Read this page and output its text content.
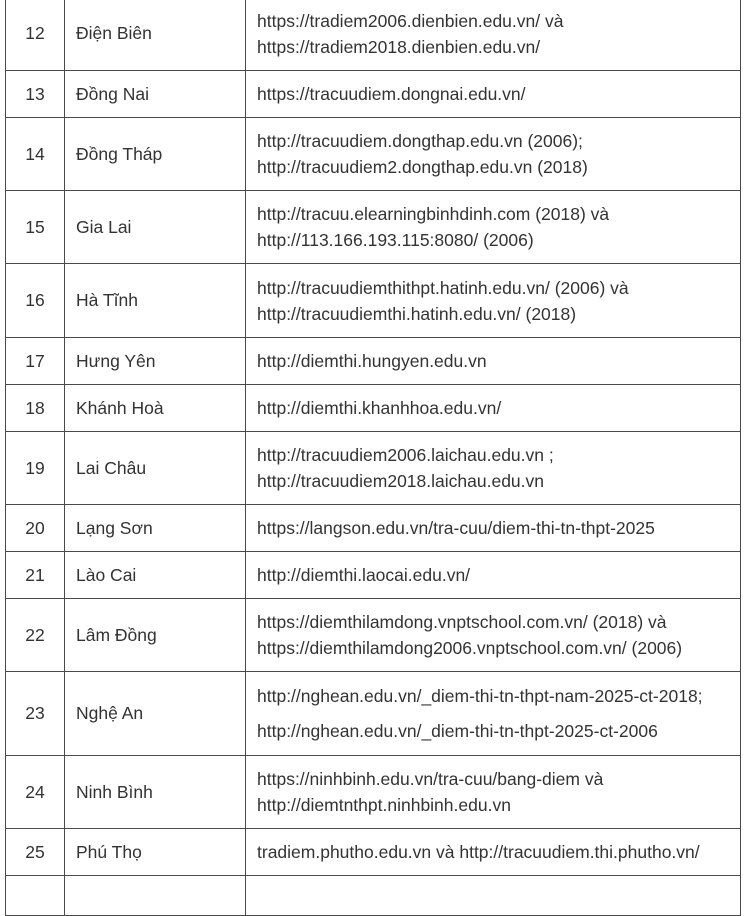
12	Điện Biên	https://tradiem2006.dienbien.edu.vn/ và
https://tradiem2018.dienbien.edu.vn/

13	Đồng Nai	https://tracuudiem.dongnai.edu.vn/

14	Đồng Tháp	http://tracuudiem.dongthap.edu.vn (2006);
http://tracuudiem2.dongthap.edu.vn (2018)

15	Gia Lai	http://tracuu.elearningbinhdinh.com (2018) và
http://113.166.193.115:8080/ (2006)

16	Hà Tĩnh	http://tracuudiemthithpt.hatinh.edu.vn/ (2006) và
http://tracuudiemthi.hatinh.edu.vn/ (2018)

17	Hưng Yên	http://diemthi.hungyen.edu.vn

18	Khánh Hoà	http://diemthi.khanhhoa.edu.vn/

19	Lai Châu	http://tracuudiem2006.laichau.edu.vn ;
http://tracuudiem2018.laichau.edu.vn

20	Lạng Sơn	https://langson.edu.vn/tra-cuu/diem-thi-tn-thpt-2025

21	Lào Cai	http://diemthi.laocai.edu.vn/

22	Lâm Đồng	https://diemthilamdong.vnptschool.com.vn/ (2018) và
https://diemthilamdong2006.vnptschool.com.vn/ (2006)

23	Nghệ An	http://nghean.edu.vn/_diem-thi-tn-thpt-nam-2025-ct-2018;
http://nghean.edu.vn/_diem-thi-tn-thpt-2025-ct-2006

24	Ninh Bình	https://ninhbinh.edu.vn/tra-cuu/bang-diem và
http://diemtnthpt.ninhbinh.edu.vn

25	Phú Thọ	tradiem.phutho.edu.vn và http://tracuudiem.thi.phutho.vn/
